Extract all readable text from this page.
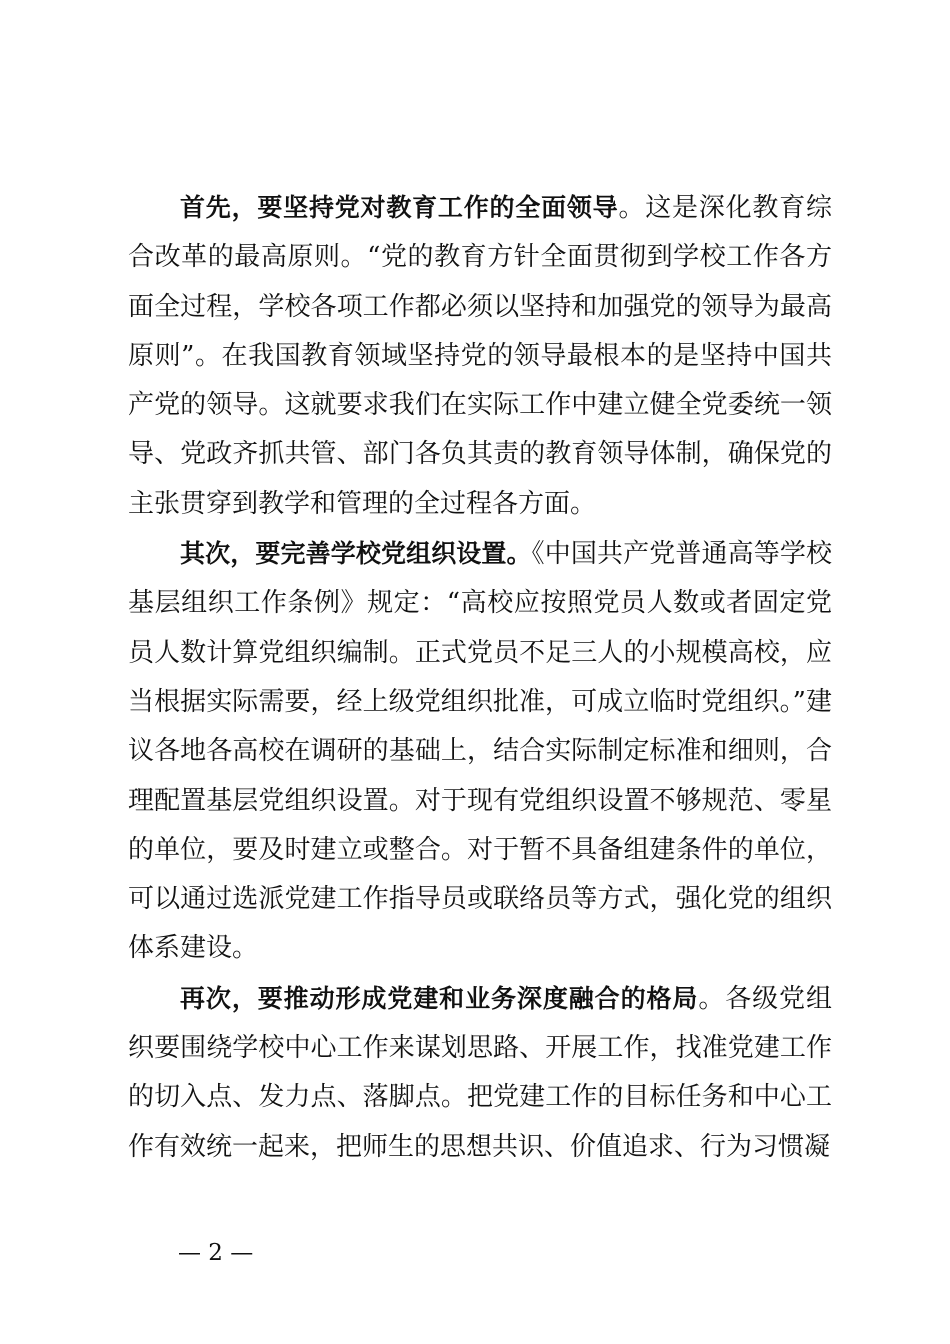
首先，要坚持党对教育工作的全面领导。这是深化教育综合改革的最高原则。“党的教育方针全面贯彻到学校工作各方面全过程，学校各项工作都必须以坚持和加强党的领导为最高原则”。在我国教育领域坚持党的领导最根本的是坚持中国共产党的领导。这就要求我们在实际工作中建立健全党委统一领导、党政齐抓共管、部门各负其责的教育领导体制，确保党的主张贯穿到教学和管理的全过程各方面。

其次，要完善学校党组织设置。《中国共产党普通高等学校基层组织工作条例》规定：“高校应按照党员人数或者固定党员人数计算党组织编制。正式党员不足三人的小规模高校，应当根据实际需要，经上级党组织批准，可成立临时党组织。”建议各地各高校在调研的基础上，结合实际制定标准和细则，合理配置基层党组织设置。对于现有党组织设置不够规范、零星的单位，要及时建立或整合。对于暂不具备组建条件的单位，可以通过选派党建工作指导员或联络员等方式，强化党的组织体系建设。

再次，要推动形成党建和业务深度融合的格局。各级党组织要围绕学校中心工作来谋划思路、开展工作，找准党建工作的切入点、发力点、落脚点。把党建工作的目标任务和中心工作有效统一起来，把师生的思想共识、价值追求、行为习惯凝

— 2 —
